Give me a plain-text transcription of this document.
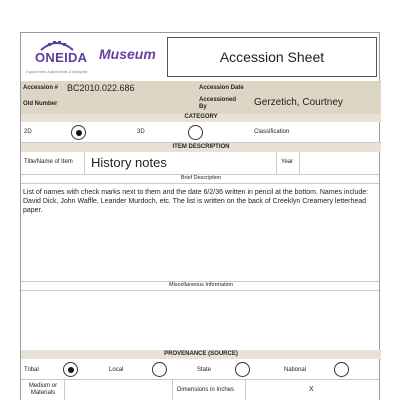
ONEIDA
A good mind. A good heart. A strong fire.
Museum	Accession Sheet
Accession # BC2010.022.686	Accession Date
Old Number
Accessioned By	Gerzetich, Courtney
CATEGORY
2D	3D	Classification
ITEM DESCRIPTION
Title/Name of Item History notes	Year
Brief Description
List of names with check marks next to them and the date 6/2/36 written in pencil at the bottom. Names include: David Dick, John Waffle, Leander Murdoch, etc. The list is written on the back of Creeklyn Creamery letterhead paper.
Miscellaneous Information
PROVENANCE (SOURCE)
Tribal	Local	State	National
Medium or Materials	Dimensions in Inches	X
